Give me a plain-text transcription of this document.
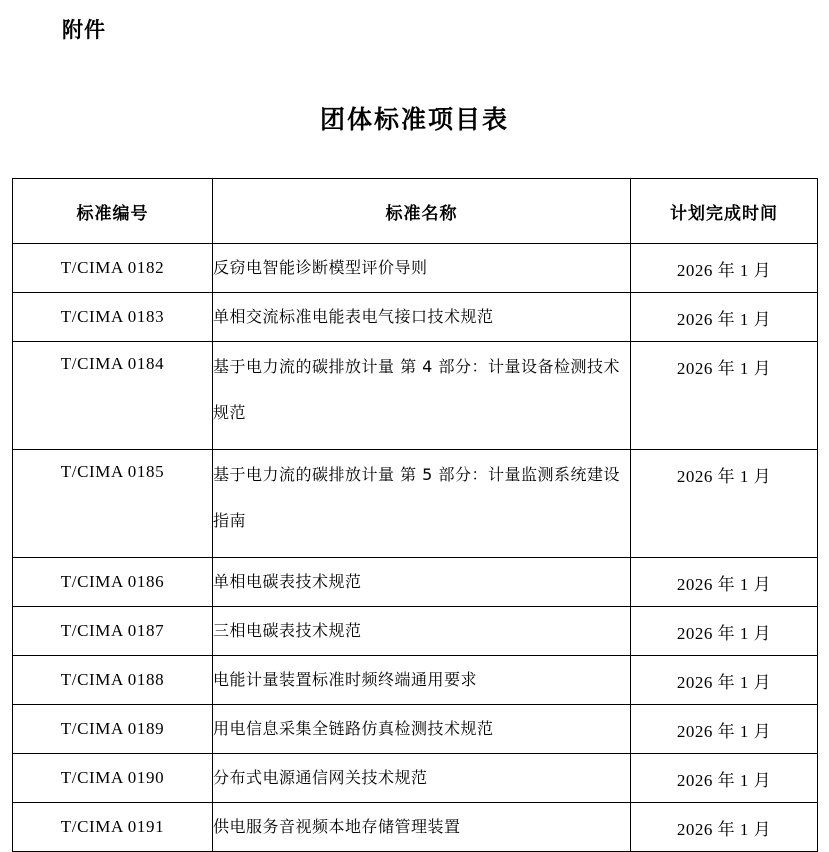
附件
团体标准项目表
标准编号	标准名称	计划完成时间
T/CIMA 0182	反窃电智能诊断模型评价导则	2026 年 1 月
T/CIMA 0183	单相交流标准电能表电气接口技术规范	2026 年 1 月
T/CIMA 0184	基于电力流的碳排放计量 第 4 部分：计量设备检测技术规范	2026 年 1 月
T/CIMA 0185	基于电力流的碳排放计量 第 5 部分：计量监测系统建设指南	2026 年 1 月
T/CIMA 0186	单相电碳表技术规范	2026 年 1 月
T/CIMA 0187	三相电碳表技术规范	2026 年 1 月
T/CIMA 0188	电能计量装置标准时频终端通用要求	2026 年 1 月
T/CIMA 0189	用电信息采集全链路仿真检测技术规范	2026 年 1 月
T/CIMA 0190	分布式电源通信网关技术规范	2026 年 1 月
T/CIMA 0191	供电服务音视频本地存储管理装置	2026 年 1 月
